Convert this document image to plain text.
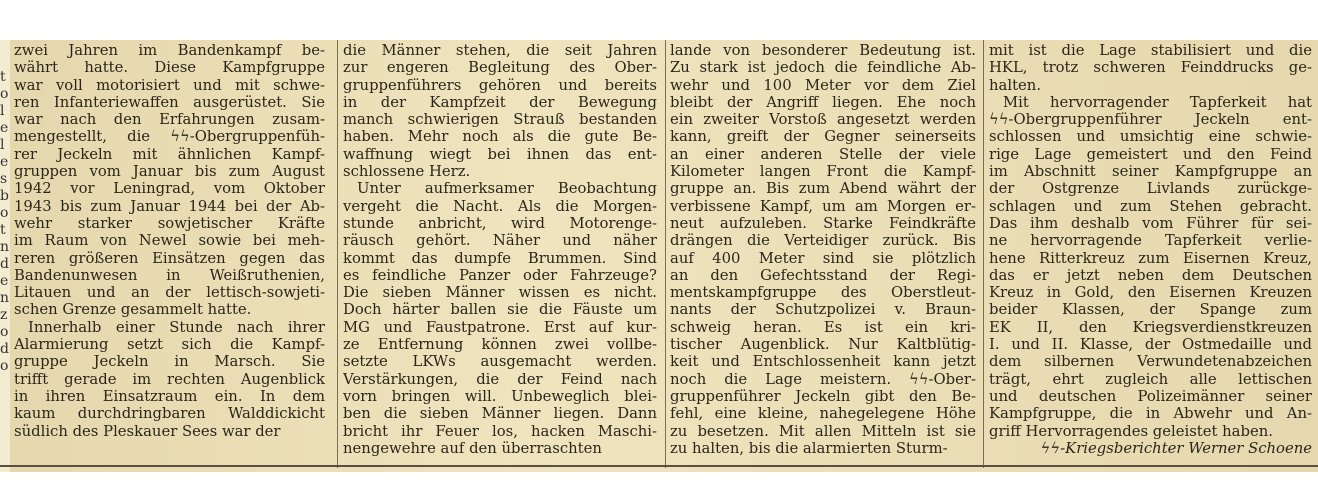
t
o
l
e
l
e
s
b
o
t
n
d
e
n
z
o
d
o
zwei Jahren im Bandenkampf be-
währt hatte. Diese Kampfgruppe
war voll motorisiert und mit schwe-
ren Infanteriewaffen ausgerüstet. Sie
war nach den Erfahrungen zusam-
mengestellt, die ϟϟ-Obergruppenfüh-
rer Jeckeln mit ähnlichen Kampf-
gruppen vom Januar bis zum August
1942 vor Leningrad, vom Oktober
1943 bis zum Januar 1944 bei der Ab-
wehr starker sowjetischer Kräfte
im Raum von Newel sowie bei meh-
reren größeren Einsätzen gegen das
Bandenunwesen in Weißruthenien,
Litauen und an der lettisch-sowjeti-
schen Grenze gesammelt hatte.
Innerhalb einer Stunde nach ihrer
Alarmierung setzt sich die Kampf-
gruppe Jeckeln in Marsch. Sie
trifft gerade im rechten Augenblick
in ihren Einsatzraum ein. In dem
kaum durchdringbaren Walddickicht
südlich des Pleskauer Sees war der
die Männer stehen, die seit Jahren
zur engeren Begleitung des Ober-
gruppenführers gehören und bereits
in der Kampfzeit der Bewegung
manch schwierigen Strauß bestanden
haben. Mehr noch als die gute Be-
waffnung wiegt bei ihnen das ent-
schlossene Herz.
Unter aufmerksamer Beobachtung
vergeht die Nacht. Als die Morgen-
stunde anbricht, wird Motorenge-
räusch gehört. Näher und näher
kommt das dumpfe Brummen. Sind
es feindliche Panzer oder Fahrzeuge?
Die sieben Männer wissen es nicht.
Doch härter ballen sie die Fäuste um
MG und Faustpatrone. Erst auf kur-
ze Entfernung können zwei vollbe-
setzte LKWs ausgemacht werden.
Verstärkungen, die der Feind nach
vorn bringen will. Unbeweglich blei-
ben die sieben Männer liegen. Dann
bricht ihr Feuer los, hacken Maschi-
nengewehre auf den überraschten
lande von besonderer Bedeutung ist.
Zu stark ist jedoch die feindliche Ab-
wehr und 100 Meter vor dem Ziel
bleibt der Angriff liegen. Ehe noch
ein zweiter Vorstoß angesetzt werden
kann, greift der Gegner seinerseits
an einer anderen Stelle der viele
Kilometer langen Front die Kampf-
gruppe an. Bis zum Abend währt der
verbissene Kampf, um am Morgen er-
neut aufzuleben. Starke Feindkräfte
drängen die Verteidiger zurück. Bis
auf 400 Meter sind sie plötzlich
an den Gefechtsstand der Regi-
mentskampfgruppe des Oberstleut-
nants der Schutzpolizei v. Braun-
schweig heran. Es ist ein kri-
tischer Augenblick. Nur Kaltblütig-
keit und Entschlossenheit kann jetzt
noch die Lage meistern. ϟϟ-Ober-
gruppenführer Jeckeln gibt den Be-
fehl, eine kleine, nahegelegene Höhe
zu besetzen. Mit allen Mitteln ist sie
zu halten, bis die alarmierten Sturm-
mit ist die Lage stabilisiert und die
HKL, trotz schweren Feinddrucks ge-
halten.
Mit hervorragender Tapferkeit hat
ϟϟ-Obergruppenführer Jeckeln ent-
schlossen und umsichtig eine schwie-
rige Lage gemeistert und den Feind
im Abschnitt seiner Kampfgruppe an
der Ostgrenze Livlands zurückge-
schlagen und zum Stehen gebracht.
Das ihm deshalb vom Führer für sei-
ne hervorragende Tapferkeit verlie-
hene Ritterkreuz zum Eisernen Kreuz,
das er jetzt neben dem Deutschen
Kreuz in Gold, den Eisernen Kreuzen
beider Klassen, der Spange zum
EK II, den Kriegsverdienstkreuzen
I. und II. Klasse, der Ostmedaille und
dem silbernen Verwundetenabzeichen
trägt, ehrt zugleich alle lettischen
und deutschen Polizeimänner seiner
Kampfgruppe, die in Abwehr und An-
griff Hervorragendes geleistet haben.
ϟϟ-Kriegsberichter Werner Schoene
